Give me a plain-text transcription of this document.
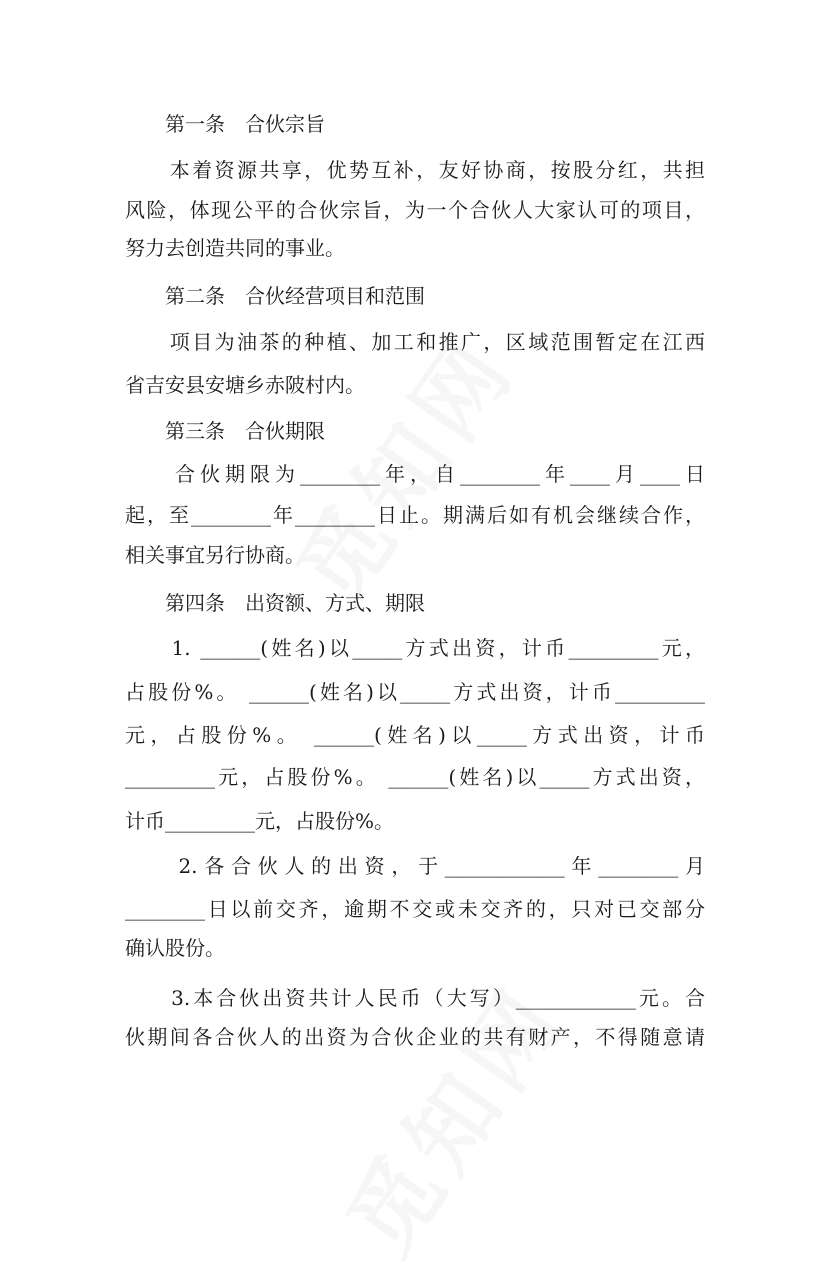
　　第一条　合伙宗旨
　　本着资源共享，优势互补，友好协商，按股分红，共担
风险，体现公平的合伙宗旨，为一个合伙人大家认可的项目，
努力去创造共同的事业。
　　第二条　合伙经营项目和范围
　　项目为油茶的种植、加工和推广，区域范围暂定在江西
省吉安县安塘乡赤陂村内。
　　第三条　合伙期限
　　合伙期限为________年，自________年____月____日
起，至________年________日止。期满后如有机会继续合作，
相关事宜另行协商。
　　第四条　出资额、方式、期限
　　1. ______(姓名)以_____方式出资，计币_________元，
占股份%。 ______(姓名)以_____方式出资，计币_________
元，占股份%。 ______(姓名)以_____方式出资，计币
_________元，占股份%。 ______(姓名)以_____方式出资，
计币_________元，占股份%。
　　2.各合伙人的出资，于____________年________月
________日以前交齐，逾期不交或未交齐的，只对已交部分
确认股份。
　　3.本合伙出资共计人民币（大写）____________元。合
伙期间各合伙人的出资为合伙企业的共有财产，不得随意请
